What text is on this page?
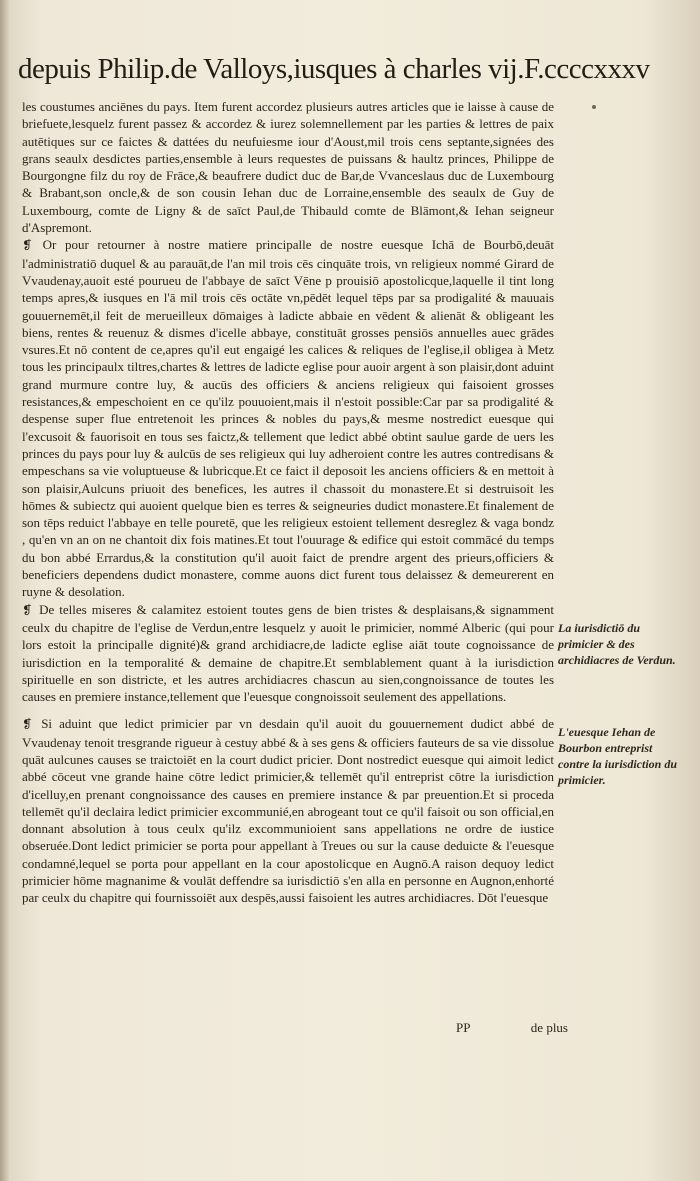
depuis Philip.de Valloys,iusques à charles vij.F.ccccxxxv

les coustumes anciēnes du pays. Item furent accordez plusieurs autres articles que ie laisse à cause de briefuete,lesquelz furent passez & accordez & iurez solemnellement par les parties & lettres de paix autētiques sur ce faictes & dattées du neufuiesme iour d'Aoust,mil trois cens septante,signées des grans seaulx desdictes parties,ensemble à leurs requestes de puissans & haultz princes, Philippe de Bourgongne filz du roy de Frāce,& beaufrere dudict duc de Bar,de Vvanceslaus duc de Luxembourg & Brabant,son oncle,& de son cousin Iehan duc de Lorraine,ensemble des seaulx de Guy de Luxembourg, comte de Ligny & de saīct Paul,de Thibauld comte de Blāmont,& Iehan seigneur d'Aspremont.

❡ Or pour retourner à nostre matiere principalle de nostre euesque Ichā de Bourbō,deuāt l'administratiō duquel & au parauāt,de l'an mil trois cēs cinquāte trois, vn religieux nommé Girard de Vvaudenay,auoit esté pourueu de l'abbaye de saīct Vēne p prouisiō apostolicque,laquelle il tint long temps apres,& iusques en l'ā mil trois cēs octāte vn,pēdēt lequel tēps par sa prodigalité & mauuais gouuernemēt,il feit de merueilleux dōmaiges à ladicte abbaie en vēdent & alienāt & obligeant les biens, rentes & reuenuz & dismes d'icelle abbaye, constituāt grosses pensiōs annuelles auec grādes vsures.Et nō content de ce,apres qu'il eut engaigé les calices & reliques de l'eglise,il obligea à Metz tous les principaulx tiltres,chartes & lettres de ladicte eglise pour auoir argent à son plaisir,dont aduint grand murmure contre luy, & aucūs des officiers & anciens religieux qui faisoient grosses resistances,& empeschoient en ce qu'ilz pouuoient,mais il n'estoit possible:Car par sa prodigalité & despense super flue entretenoit les princes & nobles du pays,& mesme nostredict euesque qui l'excusoit & fauorisoit en tous ses faictz,& tellement que ledict abbé obtint saulue garde de uers les princes du pays pour luy & aulcūs de ses religieux qui luy adheroient contre les autres contredisans & empeschans sa vie voluptueuse & lubricque.Et ce faict il deposoit les anciens officiers & en mettoit à son plaisir,Aulcuns priuoit des benefices, les autres il chassoit du monastere.Et si destruisoit les hōmes & subiectz qui auoient quelque bien es terres & seigneuries dudict monastere.Et finalement de son tēps reduict l'abbaye en telle pouretē, que les religieux estoient tellement desreglez & vaga bondz , qu'en vn an on ne chantoit dix fois matines.Et tout l'ouurage & edifice qui estoit commācé du temps du bon abbé Errardus,& la constitution qu'il auoit faict de prendre argent des prieurs,officiers & beneficiers dependens dudict monastere, comme auons dict furent tous delaissez & demeurerent en ruyne & desolation.

❡ De telles miseres & calamitez estoient toutes gens de bien tristes & desplaisans,& signamment ceulx du chapitre de l'eglise de Verdun,entre lesquelz y auoit le primicier, nommé Alberic (qui pour lors estoit la principalle dignité)& grand archidiacre,de ladicte eglise aiāt toute cognoissance de iurisdiction en la temporalité & demaine de chapitre.Et semblablement quant à la iurisdiction spirituelle en son districte, et les autres archidiacres chascun au sien,congnoissance de toutes les causes en premiere instance,tellement que l'euesque congnoissoit seulement des appellations.

❡ Si aduint que ledict primicier par vn desdain qu'il auoit du gouuernement dudict abbé de Vvaudenay tenoit tresgrande rigueur à cestuy abbé & à ses gens & officiers fauteurs de sa vie dissolue quāt aulcunes causes se traictoiēt en la court dudict pricier. Dont nostredict euesque qui aimoit ledict abbé cōceut vne grande haine cōtre ledict primicier,& tellemēt qu'il entreprist cōtre la iurisdiction d'icelluy,en prenant congnoissance des causes en premiere instance & par preuention.Et si proceda tellemēt qu'il declaira ledict primicier excommunié,en abrogeant tout ce qu'il faisoit ou son official,en donnant absolution à tous ceulx qu'ilz excommunioient sans appellations ne ordre de iustice obseruée.Dont ledict primicier se porta pour appellant à Treues ou sur la cause deduicte & l'euesque condamné,lequel se porta pour appellant en la cour apostolicque en Augnō.A raison dequoy ledict primicier hōme magnanime & voulāt deffendre sa iurisdictiō s'en alla en personne en Augnon,enhorté par ceulx du chapitre qui fournissoiēt aux despēs,aussi faisoient les autres archidiacres. Dōt l'euesque

PP	de plus
La iurisdictiō du primicier & des archidiacres de Verdun.
L'euesque Iehan de Bourbon entreprist contre la iurisdiction du primicier.
